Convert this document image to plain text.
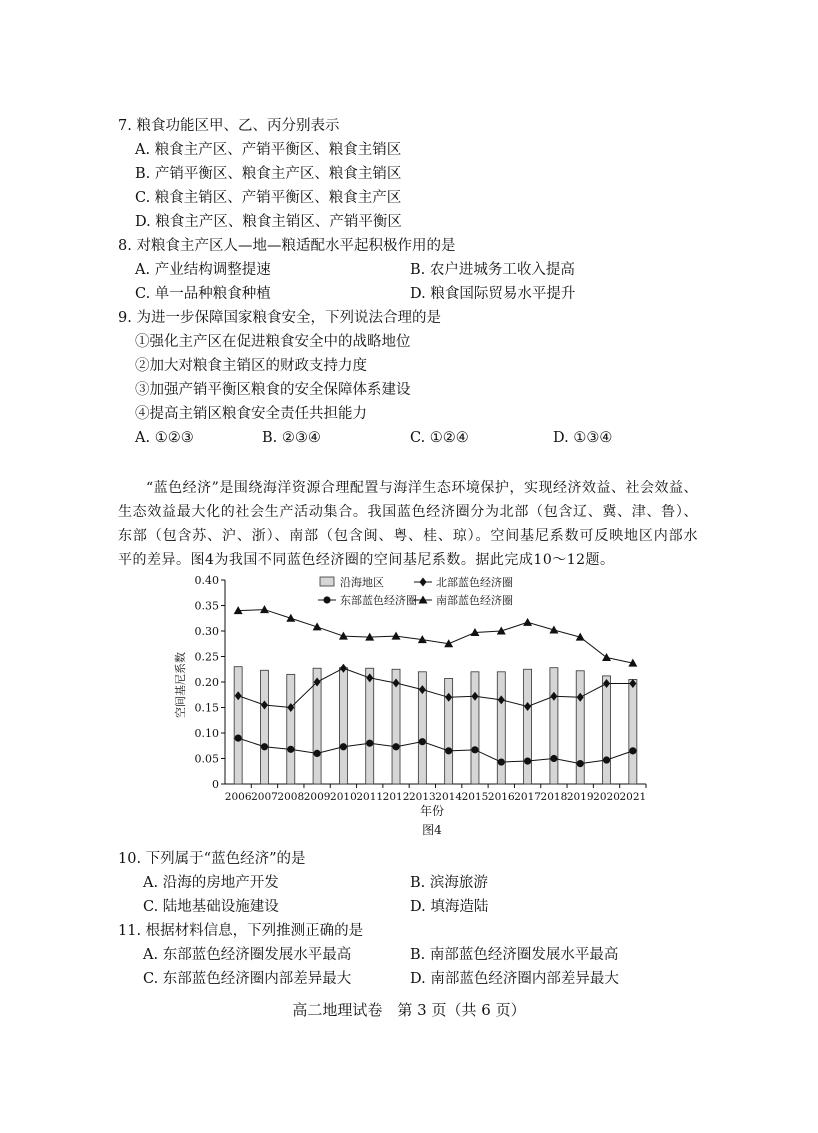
7. 粮食功能区甲、乙、丙分别表示
A. 粮食主产区、产销平衡区、粮食主销区
B. 产销平衡区、粮食主产区、粮食主销区
C. 粮食主销区、产销平衡区、粮食主产区
D. 粮食主产区、粮食主销区、产销平衡区
8. 对粮食主产区人—地—粮适配水平起积极作用的是
A. 产业结构调整提速	B. 农户进城务工收入提高
C. 单一品种粮食种植	D. 粮食国际贸易水平提升
9. 为进一步保障国家粮食安全，下列说法合理的是
①强化主产区在促进粮食安全中的战略地位
②加大对粮食主销区的财政支持力度
③加强产销平衡区粮食的安全保障体系建设
④提高主销区粮食安全责任共担能力
A. ①②③	B. ②③④	C. ①②④	D. ①③④
“蓝色经济”是围绕海洋资源合理配置与海洋生态环境保护，实现经济效益、社会效益、生态效益最大化的社会生产活动集合。我国蓝色经济圈分为北部（包含辽、冀、津、鲁）、东部（包含苏、沪、浙）、南部（包含闽、粤、桂、琼）。空间基尼系数可反映地区内部水平的差异。图4为我国不同蓝色经济圈的空间基尼系数。据此完成10～12题。
0
0.05
0.10
0.15
0.20
0.25
0.30
0.35
0.40
2006 2007 2008 2009 2010 2011 2012 2013 2014 2015 2016 2017 2018 2019 2020 2021
沿海地区	北部蓝色经济圈
东部蓝色经济圈 南部蓝色经济圈
空间基尼系数
年份
图4
10. 下列属于“蓝色经济”的是
A. 沿海的房地产开发	B. 滨海旅游
C. 陆地基础设施建设	D. 填海造陆
11. 根据材料信息，下列推测正确的是
A. 东部蓝色经济圈发展水平最高	B. 南部蓝色经济圈发展水平最高
C. 东部蓝色经济圈内部差异最大	D. 南部蓝色经济圈内部差异最大
高二地理试卷　第 3 页（共 6 页）
